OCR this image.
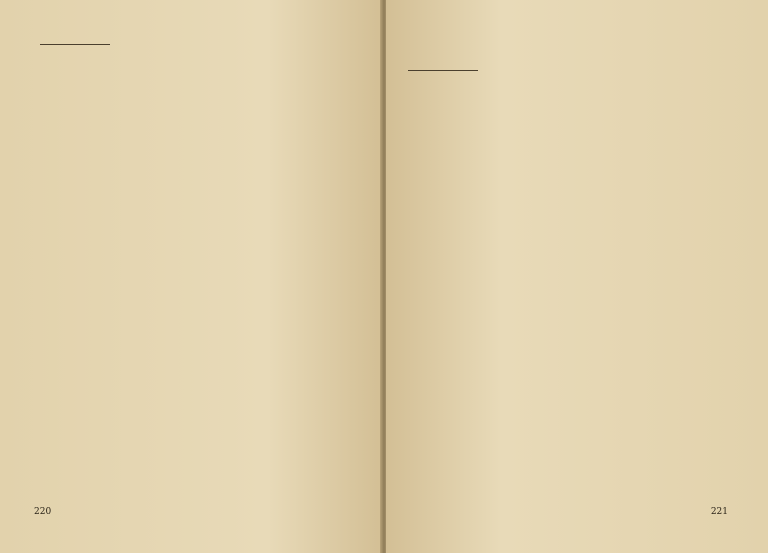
220	221
